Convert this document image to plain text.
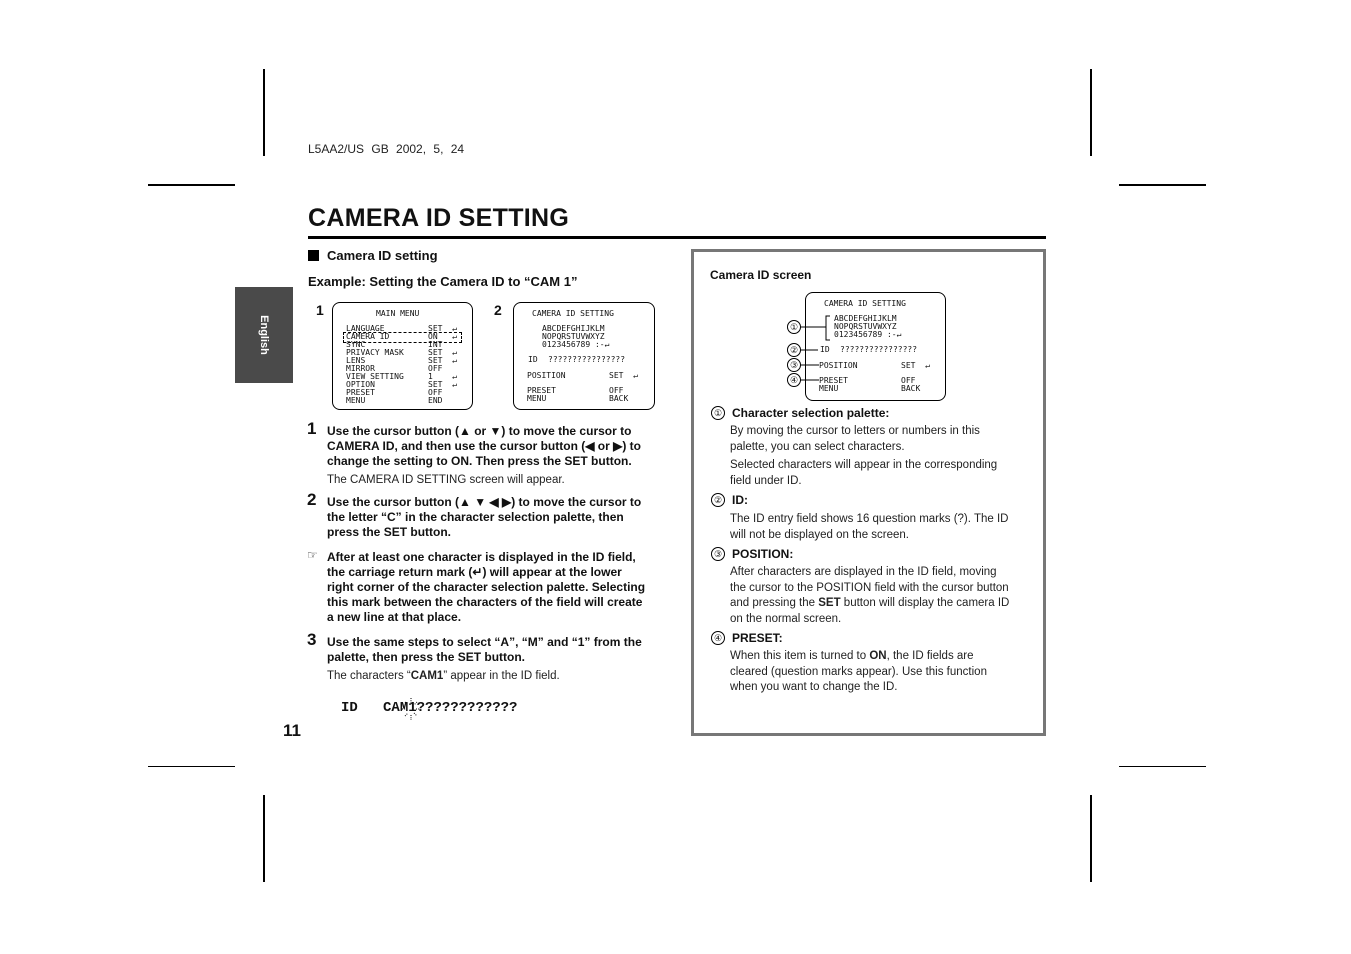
L5AA2/US GB 2002, 5, 24
CAMERA ID SETTING
English
Camera ID setting
Example: Setting the Camera ID to “CAM 1”
1	MAIN MENU
LANGUAGE	SET  ↵
CAMERA ID	ON   ↵
SYNC	INT
PRIVACY MASK	SET  ↵
LENS	SET  ↵
MIRROR	OFF
VIEW SETTING	1    ↵
OPTION	SET  ↵
PRESET	OFF
MENU	END
2	CAMERA ID SETTING
ABCDEFGHIJKLM
NOPQRSTUVWXYZ
0123456789 :-↵
ID ????????????????
POSITION	SET  ↵
PRESET	OFF
MENU	BACK
1 Use the cursor button (▲ or ▼) to move the cursor to
CAMERA ID, and then use the cursor button (◀ or ▶) to
change the setting to ON. Then press the SET button.
The CAMERA ID SETTING screen will appear.
2 Use the cursor button (▲ ▼ ◀ ▶) to move the cursor to
the letter “C” in the character selection palette, then
press the SET button.
☞ After at least one character is displayed in the ID field,
the carriage return mark (↵) will appear at the lower
right corner of the character selection palette. Selecting
this mark between the characters of the field will create
a new line at that place.
3 Use the same steps to select “A”, “M” and “1” from the
palette, then press the SET button.
The characters “CAM1” appear in the ID field.
ID CAM1????????????
11
Camera ID screen
CAMERA ID SETTING
ABCDEFGHIJKLM
NOPQRSTUVWXYZ
0123456789 :-↵
ID ????????????????
POSITION	SET  ↵
PRESET	OFF
MENU	BACK
①
②
③
④
① Character selection palette:
By moving the cursor to letters or numbers in this
palette, you can select characters.
Selected characters will appear in the corresponding
field under ID.
② ID:
The ID entry field shows 16 question marks (?). The ID
will not be displayed on the screen.
③ POSITION:
After characters are displayed in the ID field, moving
the cursor to the POSITION field with the cursor button
and pressing the SET button will display the camera ID
on the normal screen.
④ PRESET:
When this item is turned to ON, the ID fields are
cleared (question marks appear). Use this function
when you want to change the ID.
